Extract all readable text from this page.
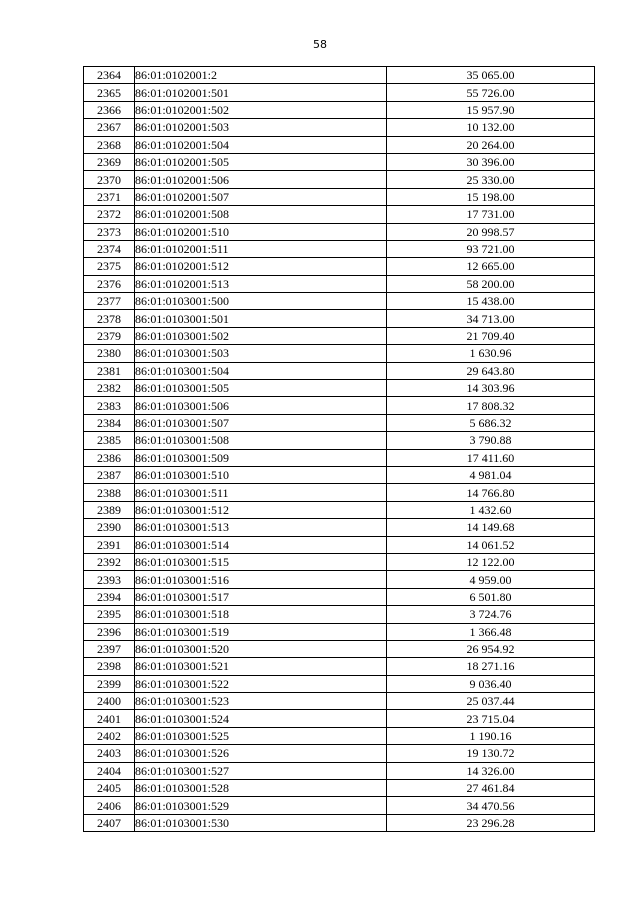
58
2364	86:01:0102001:2	35 065.00
2365	86:01:0102001:501	55 726.00
2366	86:01:0102001:502	15 957.90
2367	86:01:0102001:503	10 132.00
2368	86:01:0102001:504	20 264.00
2369	86:01:0102001:505	30 396.00
2370	86:01:0102001:506	25 330.00
2371	86:01:0102001:507	15 198.00
2372	86:01:0102001:508	17 731.00
2373	86:01:0102001:510	20 998.57
2374	86:01:0102001:511	93 721.00
2375	86:01:0102001:512	12 665.00
2376	86:01:0102001:513	58 200.00
2377	86:01:0103001:500	15 438.00
2378	86:01:0103001:501	34 713.00
2379	86:01:0103001:502	21 709.40
2380	86:01:0103001:503	1 630.96
2381	86:01:0103001:504	29 643.80
2382	86:01:0103001:505	14 303.96
2383	86:01:0103001:506	17 808.32
2384	86:01:0103001:507	5 686.32
2385	86:01:0103001:508	3 790.88
2386	86:01:0103001:509	17 411.60
2387	86:01:0103001:510	4 981.04
2388	86:01:0103001:511	14 766.80
2389	86:01:0103001:512	1 432.60
2390	86:01:0103001:513	14 149.68
2391	86:01:0103001:514	14 061.52
2392	86:01:0103001:515	12 122.00
2393	86:01:0103001:516	4 959.00
2394	86:01:0103001:517	6 501.80
2395	86:01:0103001:518	3 724.76
2396	86:01:0103001:519	1 366.48
2397	86:01:0103001:520	26 954.92
2398	86:01:0103001:521	18 271.16
2399	86:01:0103001:522	9 036.40
2400	86:01:0103001:523	25 037.44
2401	86:01:0103001:524	23 715.04
2402	86:01:0103001:525	1 190.16
2403	86:01:0103001:526	19 130.72
2404	86:01:0103001:527	14 326.00
2405	86:01:0103001:528	27 461.84
2406	86:01:0103001:529	34 470.56
2407	86:01:0103001:530	23 296.28
